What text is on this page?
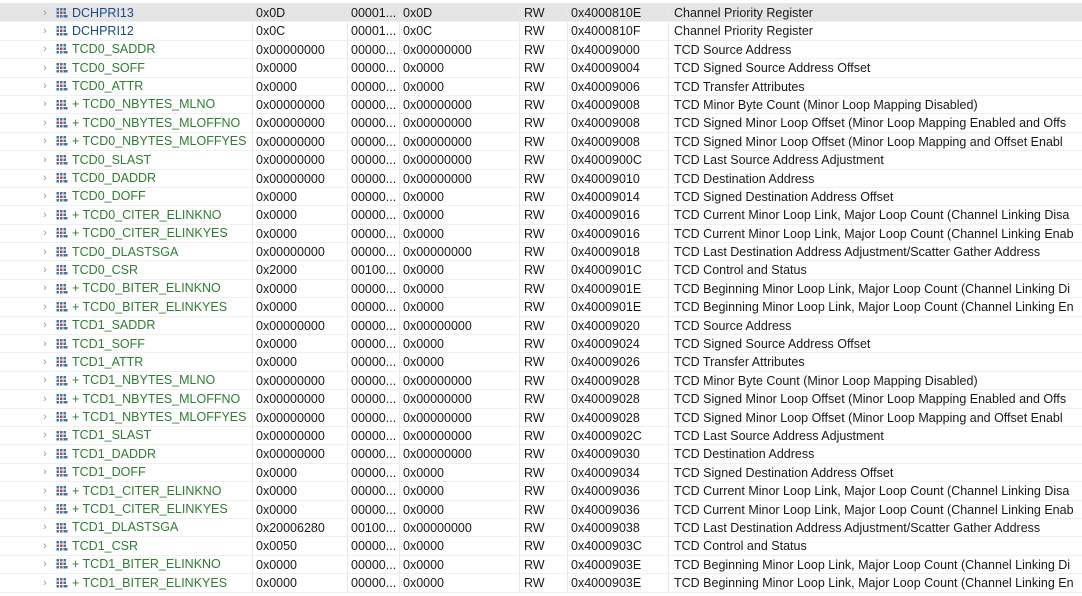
›	DCHPRI13	0x0D	00001... 0x0D	RW	0x4000810E	Channel Priority Register
›	DCHPRI12	0x0C	00001... 0x0C	RW	0x4000810F	Channel Priority Register
›	TCD0_SADDR	0x00000000	00000... 0x00000000	RW	0x40009000	TCD Source Address
›	TCD0_SOFF	0x0000	00000... 0x0000	RW	0x40009004	TCD Signed Source Address Offset
›	TCD0_ATTR	0x0000	00000... 0x0000	RW	0x40009006	TCD Transfer Attributes
›	+ TCD0_NBYTES_MLNO	0x00000000	00000... 0x00000000	RW	0x40009008	TCD Minor Byte Count (Minor Loop Mapping Disabled)
›	+ TCD0_NBYTES_MLOFFNO 0x00000000	00000... 0x00000000	RW	0x40009008	TCD Signed Minor Loop Offset (Minor Loop Mapping Enabled and Offs
›	+ TCD0_NBYTES_MLOFFYES 0x00000000	00000... 0x00000000	RW	0x40009008	TCD Signed Minor Loop Offset (Minor Loop Mapping and Offset Enabl
›	TCD0_SLAST	0x00000000	00000... 0x00000000	RW	0x4000900C	TCD Last Source Address Adjustment
›	TCD0_DADDR	0x00000000	00000... 0x00000000	RW	0x40009010	TCD Destination Address
›	TCD0_DOFF	0x0000	00000... 0x0000	RW	0x40009014	TCD Signed Destination Address Offset
›	+ TCD0_CITER_ELINKNO	0x0000	00000... 0x0000	RW	0x40009016	TCD Current Minor Loop Link, Major Loop Count (Channel Linking Disa
›	+ TCD0_CITER_ELINKYES 0x0000	00000... 0x0000	RW	0x40009016	TCD Current Minor Loop Link, Major Loop Count (Channel Linking Enab
›	TCD0_DLASTSGA	0x00000000	00000... 0x00000000	RW	0x40009018	TCD Last Destination Address Adjustment/Scatter Gather Address
›	TCD0_CSR	0x2000	00100... 0x0000	RW	0x4000901C	TCD Control and Status
›	+ TCD0_BITER_ELINKNO	0x0000	00000... 0x0000	RW	0x4000901E	TCD Beginning Minor Loop Link, Major Loop Count (Channel Linking Di
›	+ TCD0_BITER_ELINKYES 0x0000	00000... 0x0000	RW	0x4000901E	TCD Beginning Minor Loop Link, Major Loop Count (Channel Linking En
›	TCD1_SADDR	0x00000000	00000... 0x00000000	RW	0x40009020	TCD Source Address
›	TCD1_SOFF	0x0000	00000... 0x0000	RW	0x40009024	TCD Signed Source Address Offset
›	TCD1_ATTR	0x0000	00000... 0x0000	RW	0x40009026	TCD Transfer Attributes
›	+ TCD1_NBYTES_MLNO	0x00000000	00000... 0x00000000	RW	0x40009028	TCD Minor Byte Count (Minor Loop Mapping Disabled)
›	+ TCD1_NBYTES_MLOFFNO 0x00000000	00000... 0x00000000	RW	0x40009028	TCD Signed Minor Loop Offset (Minor Loop Mapping Enabled and Offs
›	+ TCD1_NBYTES_MLOFFYES 0x00000000	00000... 0x00000000	RW	0x40009028	TCD Signed Minor Loop Offset (Minor Loop Mapping and Offset Enabl
›	TCD1_SLAST	0x00000000	00000... 0x00000000	RW	0x4000902C	TCD Last Source Address Adjustment
›	TCD1_DADDR	0x00000000	00000... 0x00000000	RW	0x40009030	TCD Destination Address
›	TCD1_DOFF	0x0000	00000... 0x0000	RW	0x40009034	TCD Signed Destination Address Offset
›	+ TCD1_CITER_ELINKNO	0x0000	00000... 0x0000	RW	0x40009036	TCD Current Minor Loop Link, Major Loop Count (Channel Linking Disa
›	+ TCD1_CITER_ELINKYES 0x0000	00000... 0x0000	RW	0x40009036	TCD Current Minor Loop Link, Major Loop Count (Channel Linking Enab
›	TCD1_DLASTSGA	0x20006280	00100... 0x00000000	RW	0x40009038	TCD Last Destination Address Adjustment/Scatter Gather Address
›	TCD1_CSR	0x0050	00000... 0x0000	RW	0x4000903C	TCD Control and Status
›	+ TCD1_BITER_ELINKNO	0x0000	00000... 0x0000	RW	0x4000903E	TCD Beginning Minor Loop Link, Major Loop Count (Channel Linking Di
›	+ TCD1_BITER_ELINKYES 0x0000	00000... 0x0000	RW	0x4000903E	TCD Beginning Minor Loop Link, Major Loop Count (Channel Linking En
